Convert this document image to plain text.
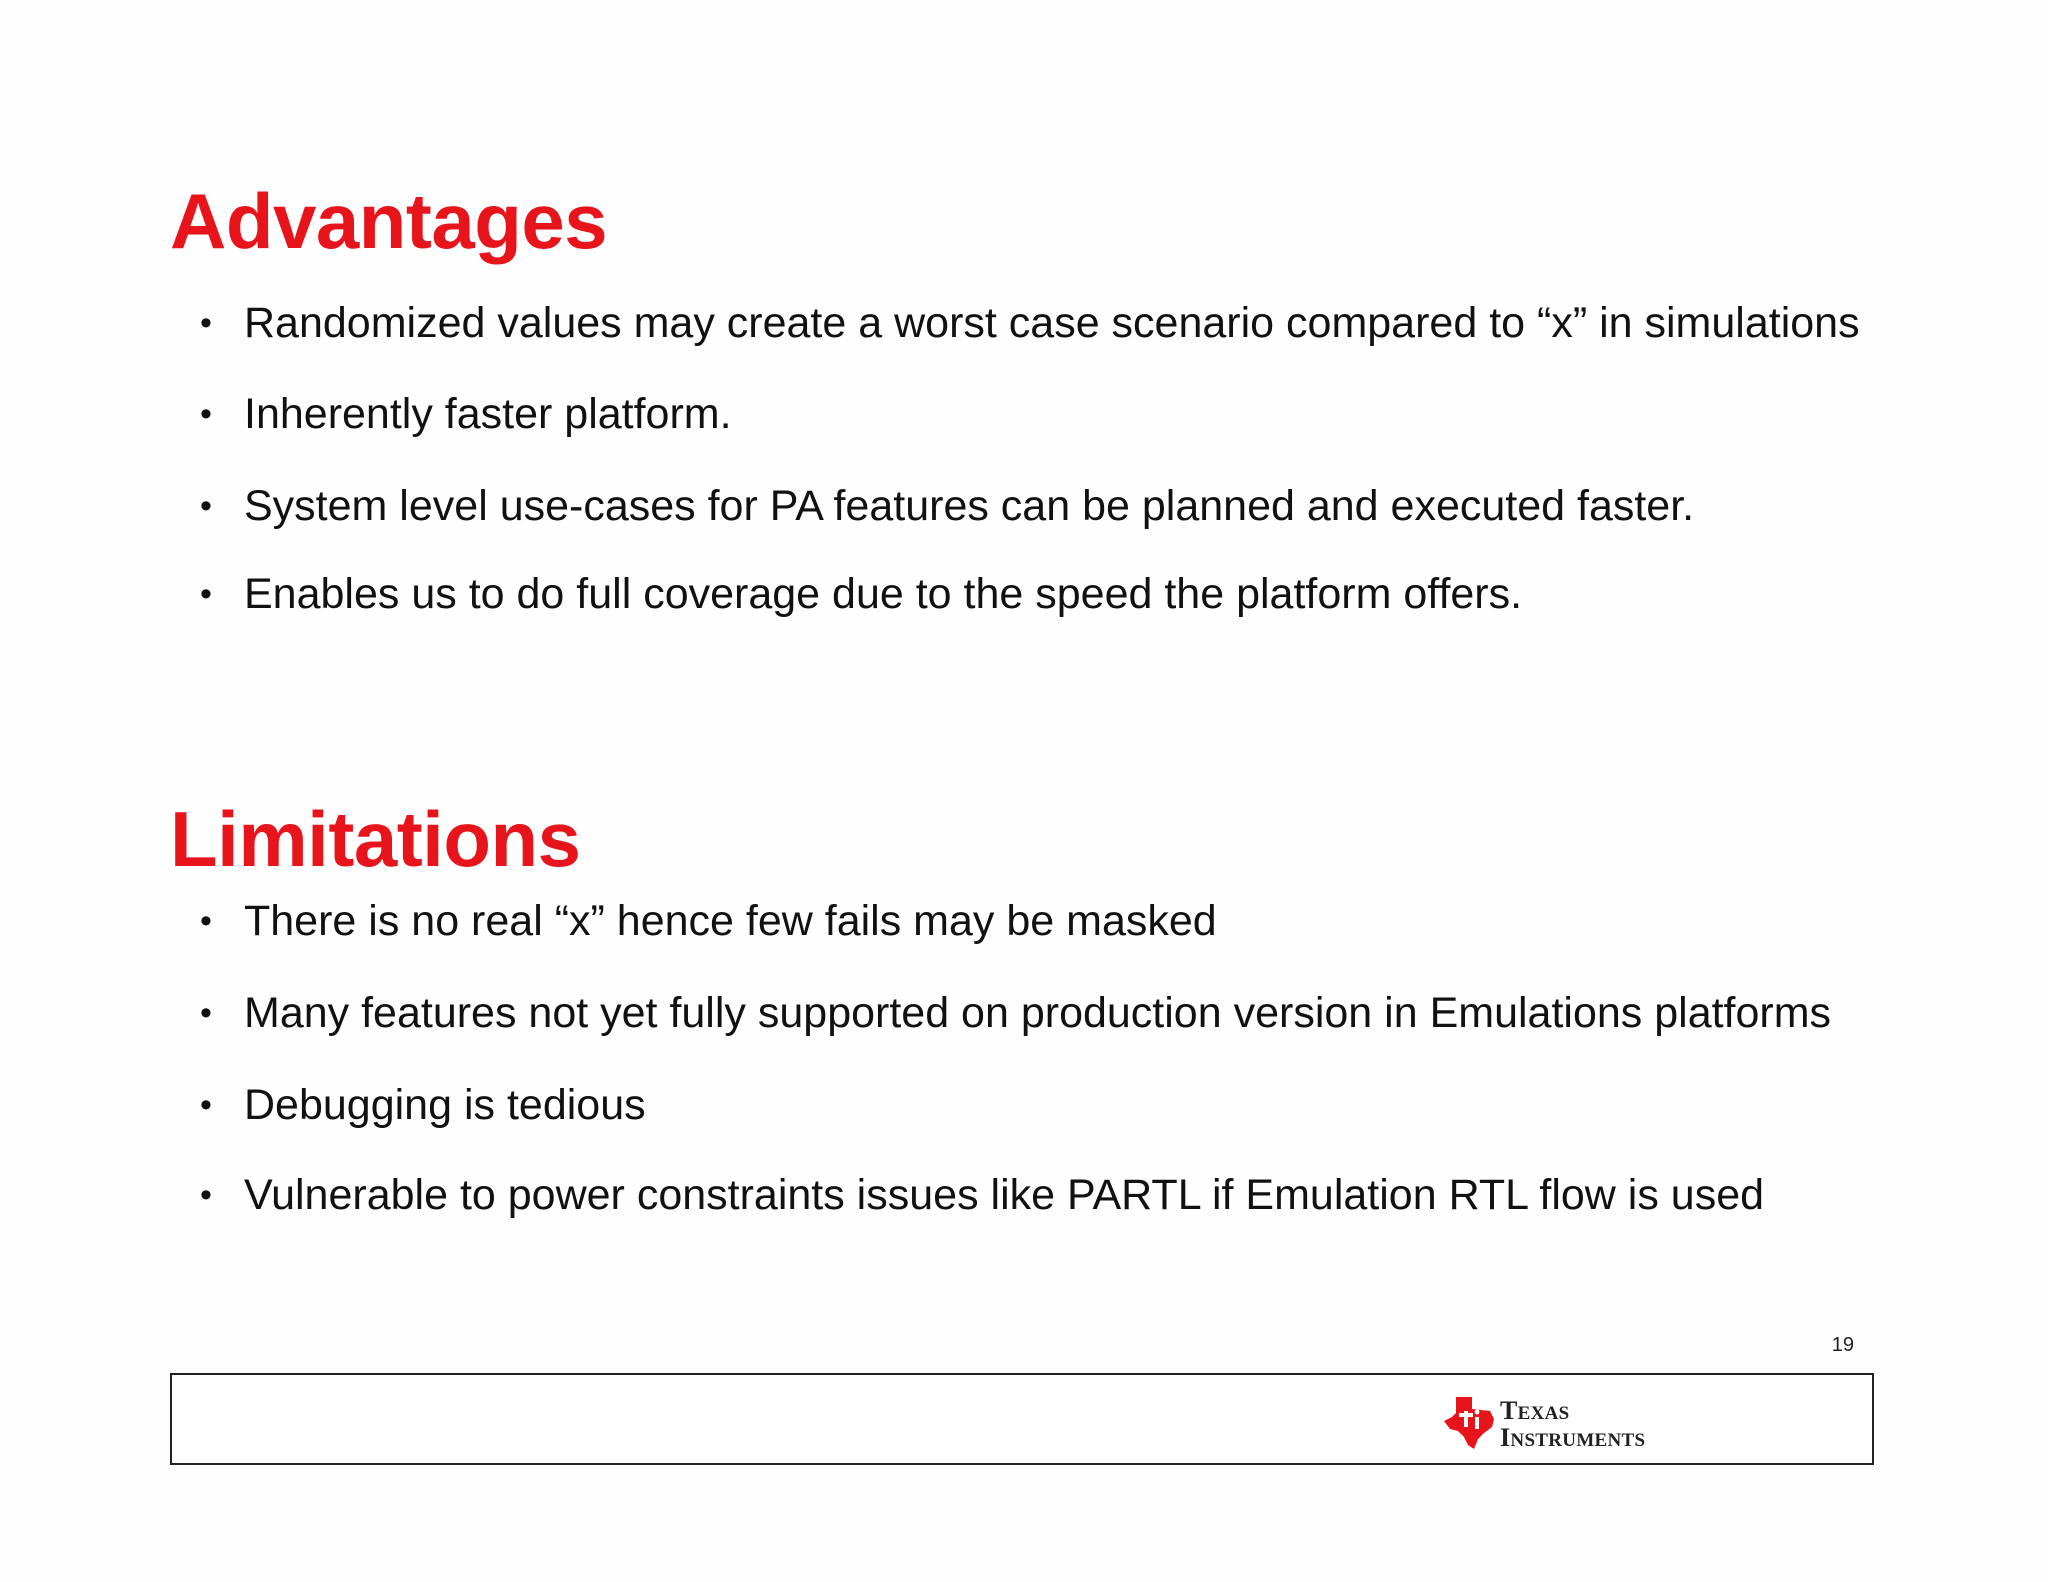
Advantages
• Randomized values may create a worst case scenario compared to “x” in simulations
• Inherently faster platform.
• System level use-cases for PA features can be planned and executed faster.
• Enables us to do full coverage due to the speed the platform offers.
Limitations
• There is no real “x” hence few fails may be masked
• Many features not yet fully supported on production version in Emulations platforms
• Debugging is tedious
• Vulnerable to power constraints issues like PARTL if Emulation RTL flow is used
19
TEXAS
INSTRUMENTS
